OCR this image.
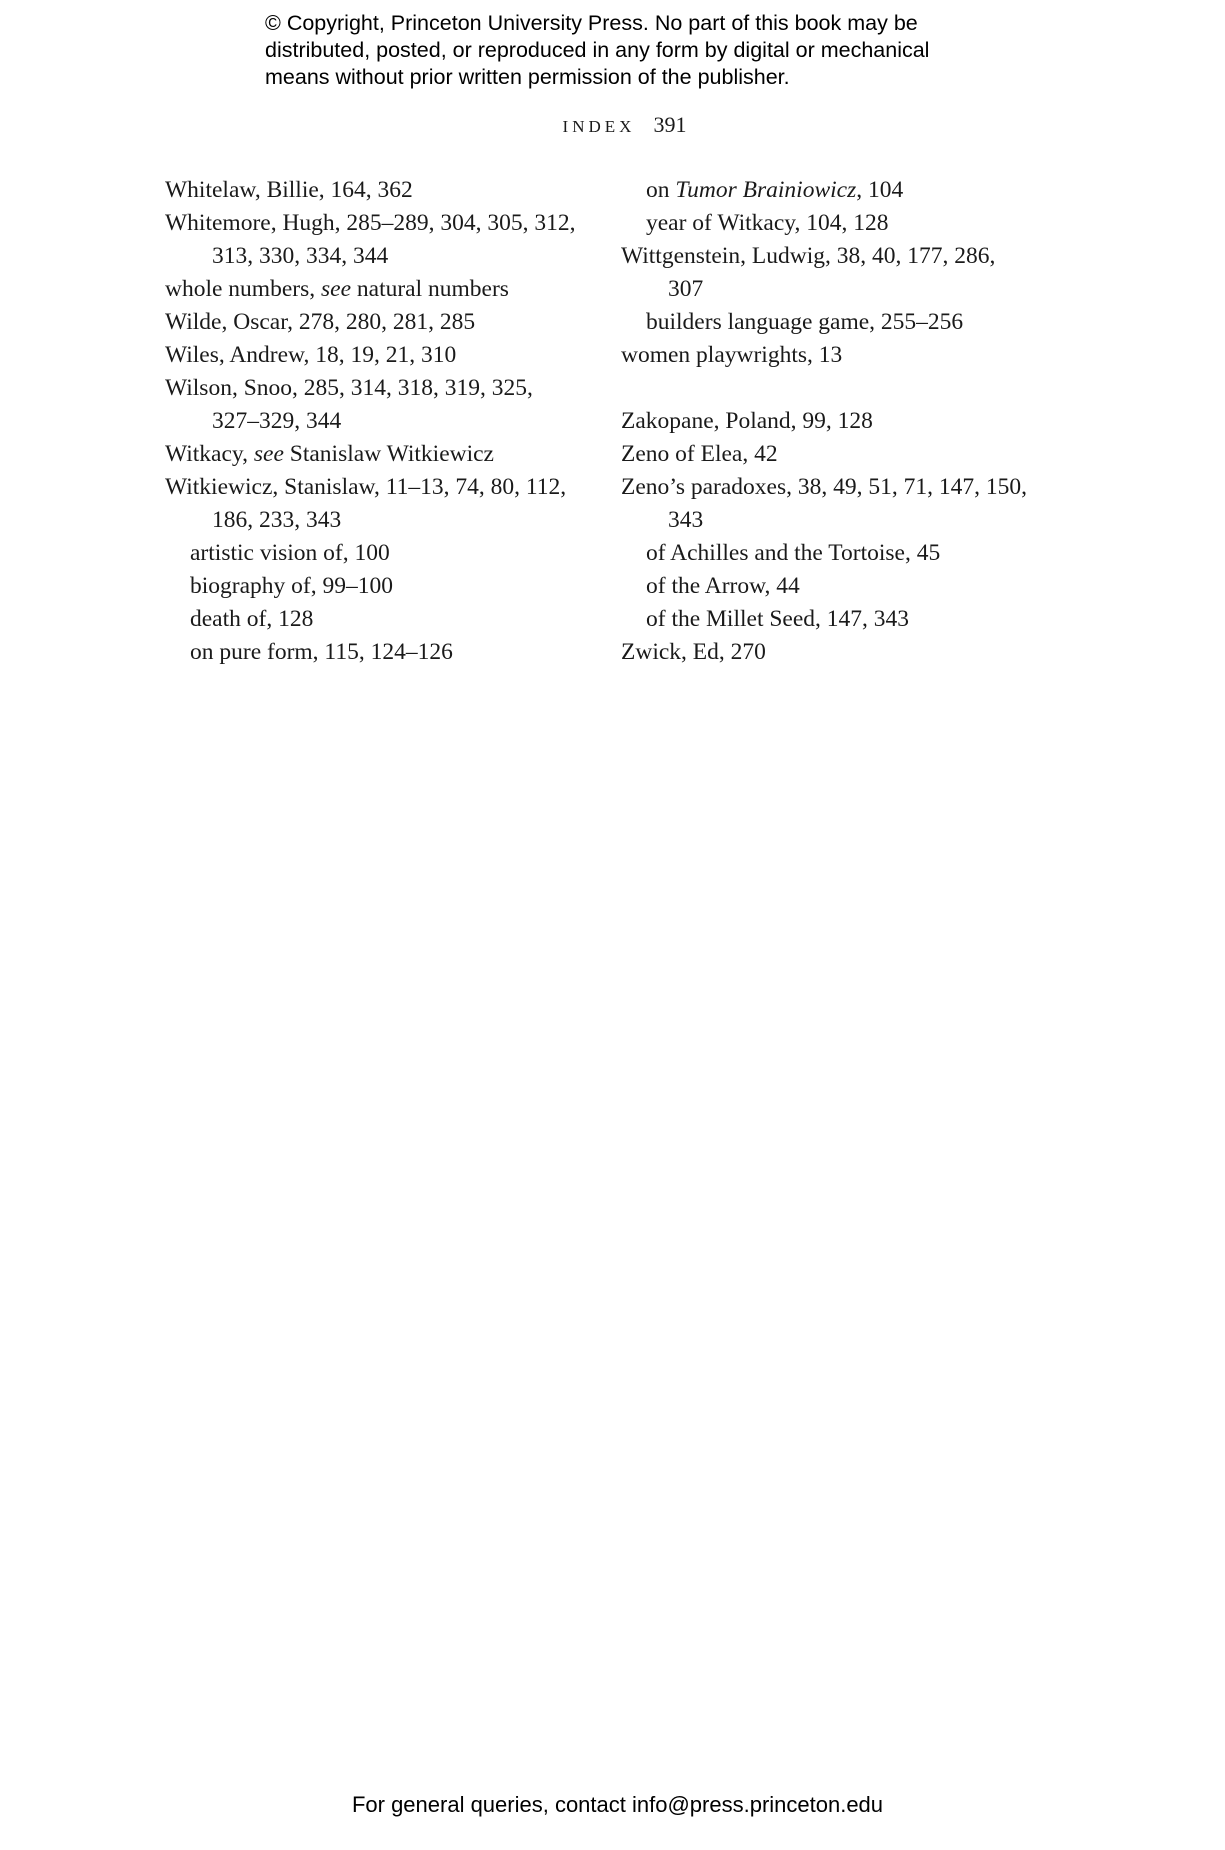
© Copyright, Princeton University Press. No part of this book may be
distributed, posted, or reproduced in any form by digital or mechanical
means without prior written permission of the publisher.
INDEX 391
Whitelaw, Billie, 164, 362
Whitemore, Hugh, 285–289, 304, 305, 312,
313, 330, 334, 344
whole numbers, see natural numbers
Wilde, Oscar, 278, 280, 281, 285
Wiles, Andrew, 18, 19, 21, 310
Wilson, Snoo, 285, 314, 318, 319, 325,
327–329, 344
Witkacy, see Stanislaw Witkiewicz
Witkiewicz, Stanislaw, 11–13, 74, 80, 112,
186, 233, 343
artistic vision of, 100
biography of, 99–100
death of, 128
on pure form, 115, 124–126
on Tumor Brainiowicz, 104
year of Witkacy, 104, 128
Wittgenstein, Ludwig, 38, 40, 177, 286,
307
builders language game, 255–256
women playwrights, 13
Zakopane, Poland, 99, 128
Zeno of Elea, 42
Zeno’s paradoxes, 38, 49, 51, 71, 147, 150,
343
of Achilles and the Tortoise, 45
of the Arrow, 44
of the Millet Seed, 147, 343
Zwick, Ed, 270
For general queries, contact info@press.princeton.edu
